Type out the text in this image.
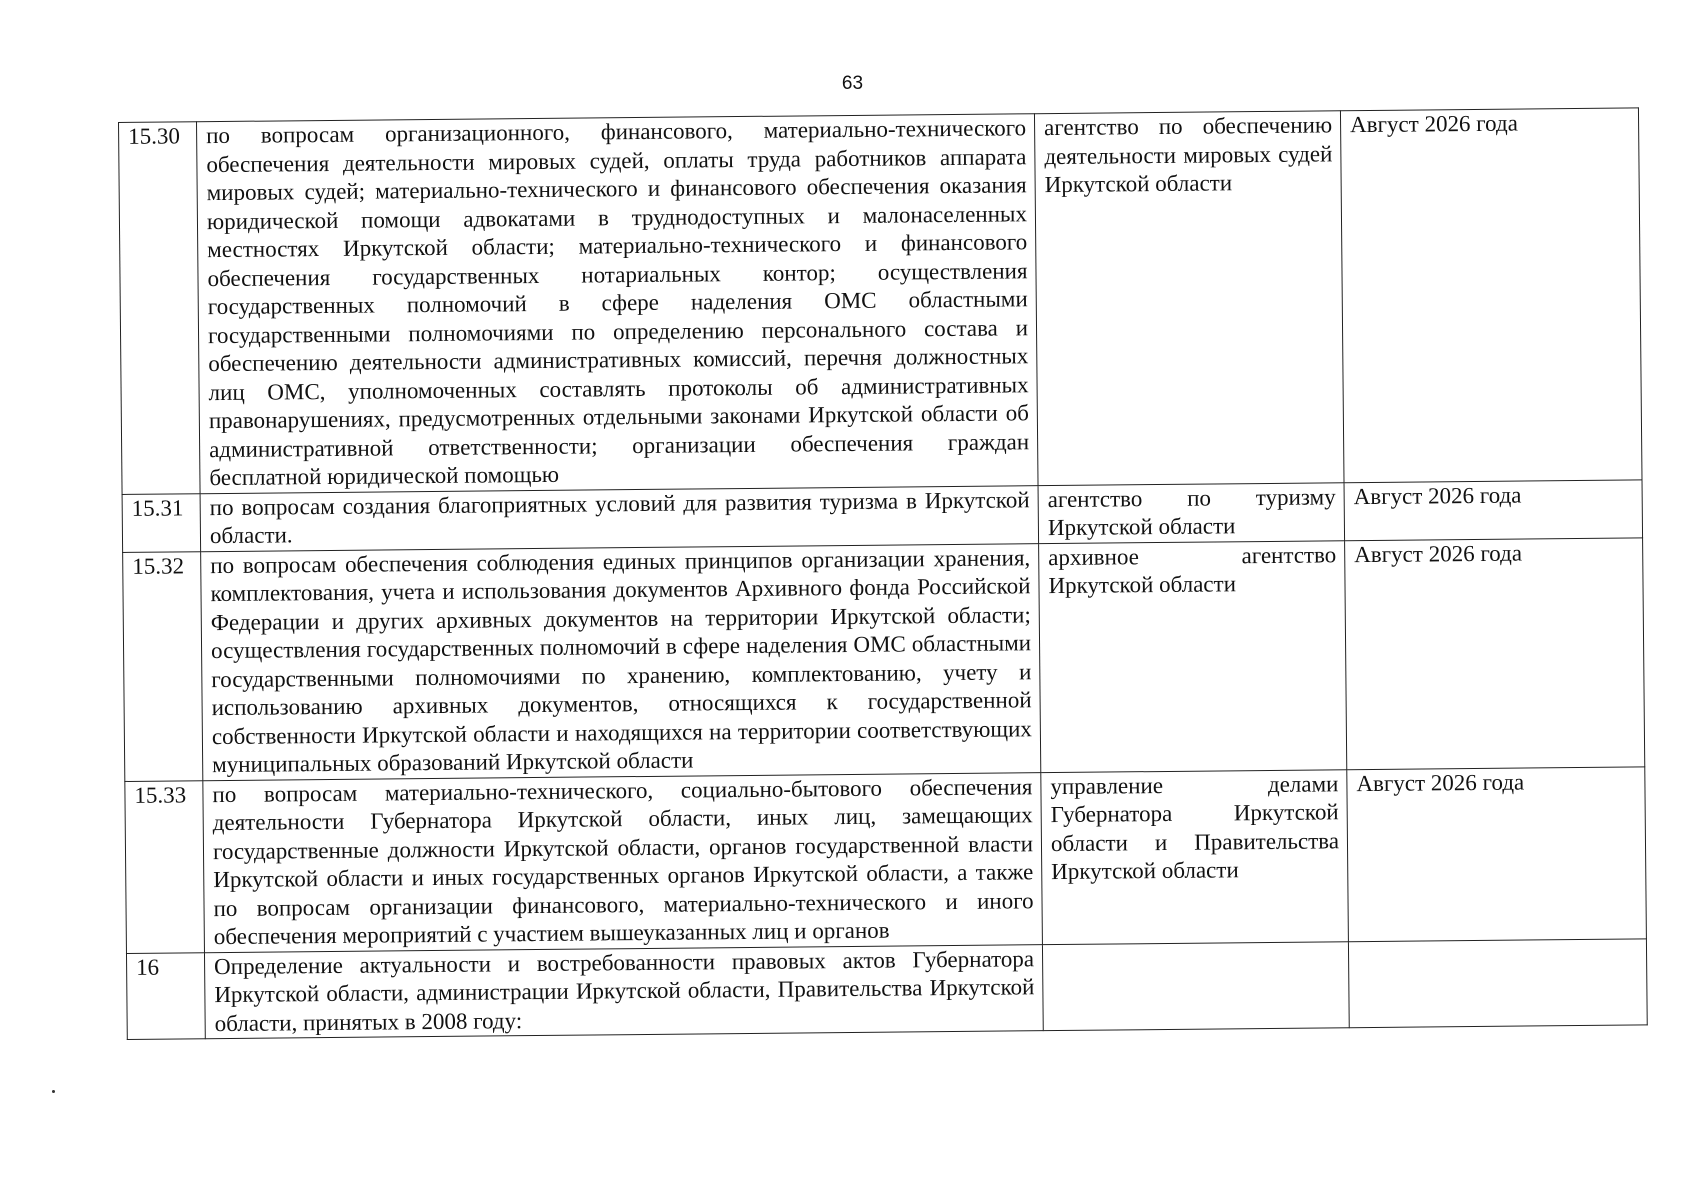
63
15.30	по вопросам организационного, финансового, материально-технического обеспечения деятельности мировых судей, оплаты труда работников аппарата мировых судей; материально-технического и финансового обеспечения оказания юридической помощи адвокатами в труднодоступных и малонаселенных местностях Иркутской области; материально-технического и финансового обеспечения государственных нотариальных контор; осуществления государственных полномочий в сфере наделения ОМС областными государственными полномочиями по определению персонального состава и обеспечению деятельности административных комиссий, перечня должностных лиц ОМС, уполномоченных составлять протоколы об административных правонарушениях, предусмотренных отдельными законами Иркутской области об административной ответственности; организации обеспечения граждан бесплатной юридической помощью	агентство по обеспечению деятельности мировых судей Иркутской области	Август 2026 года
15.31	по вопросам создания благоприятных условий для развития туризма в Иркутской области.	агентство по туризму Иркутской области	Август 2026 года
15.32	по вопросам обеспечения соблюдения единых принципов организации хранения, комплектования, учета и использования документов Архивного фонда Российской Федерации и других архивных документов на территории Иркутской области; осуществления государственных полномочий в сфере наделения ОМС областными государственными полномочиями по хранению, комплектованию, учету и использованию архивных документов, относящихся к государственной собственности Иркутской области и находящихся на территории соответствующих муниципальных образований Иркутской области	архивное агентство Иркутской области	Август 2026 года
15.33	по вопросам материально-технического, социально-бытового обеспечения деятельности Губернатора Иркутской области, иных лиц, замещающих государственные должности Иркутской области, органов государственной власти Иркутской области и иных государственных органов Иркутской области, а также по вопросам организации финансового, материально-технического и иного обеспечения мероприятий с участием вышеуказанных лиц и органов	управление делами Губернатора Иркутской области и Правительства Иркутской области	Август 2026 года
16	Определение актуальности и востребованности правовых актов Губернатора Иркутской области, администрации Иркутской области, Правительства Иркутской области, принятых в 2008 году:		
